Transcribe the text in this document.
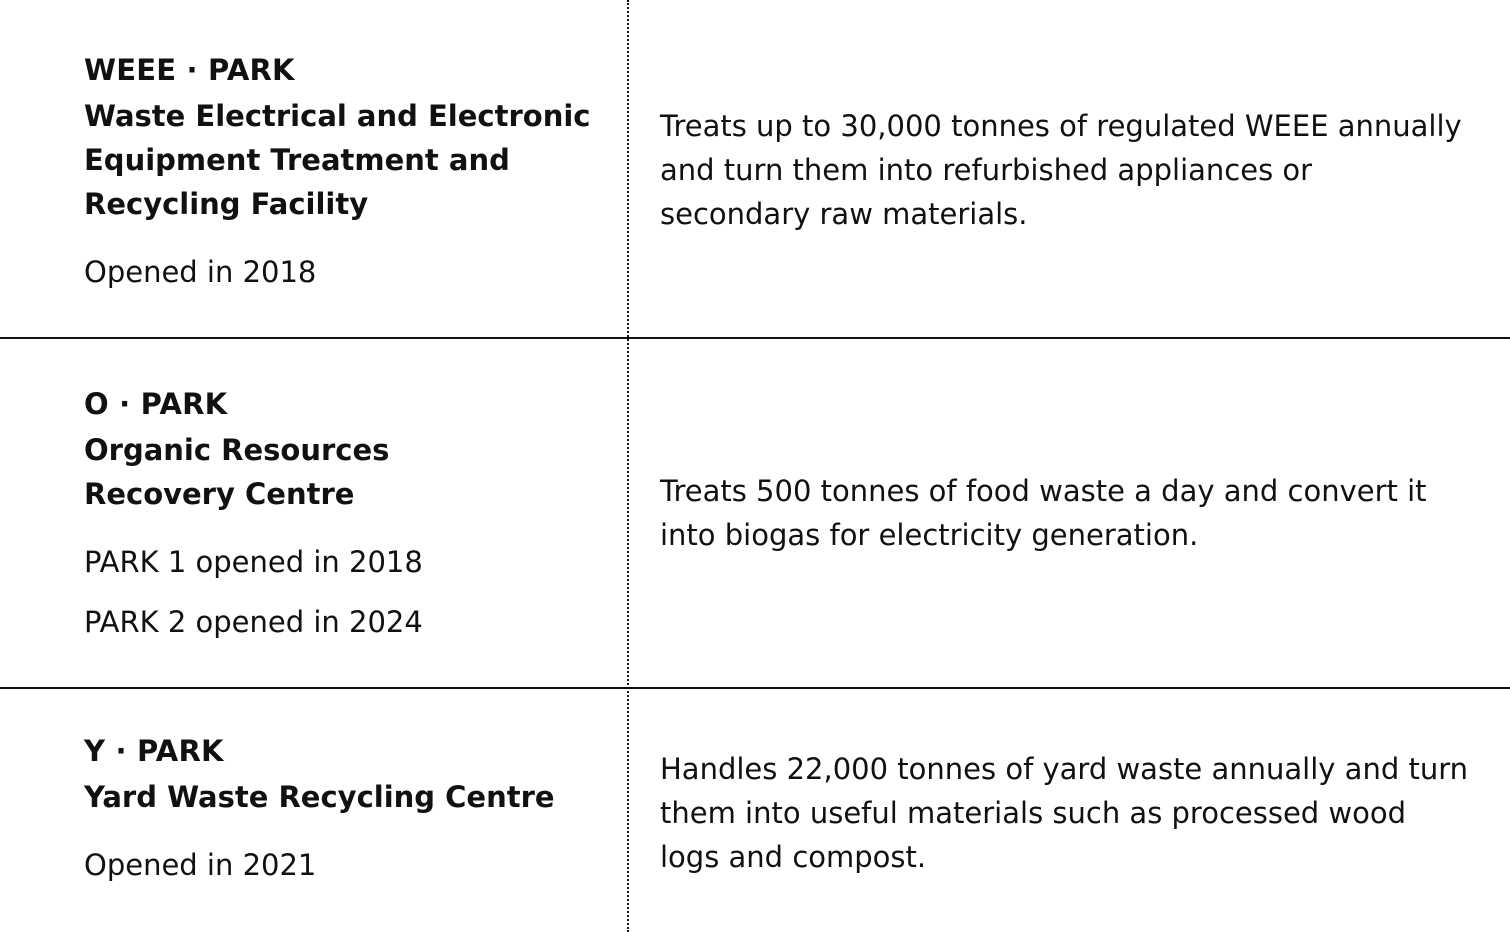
WEEE · PARK
Waste Electrical and Electronic
Equipment Treatment and
Recycling Facility
Opened in 2018
Treats up to 30,000 tonnes of regulated WEEE annually
and turn them into refurbished appliances or
secondary raw materials.
O · PARK
Organic Resources
Recovery Centre
PARK 1 opened in 2018
PARK 2 opened in 2024
Treats 500 tonnes of food waste a day and convert it
into biogas for electricity generation.
Y · PARK
Yard Waste Recycling Centre
Opened in 2021
Handles 22,000 tonnes of yard waste annually and turn
them into useful materials such as processed wood
logs and compost.
